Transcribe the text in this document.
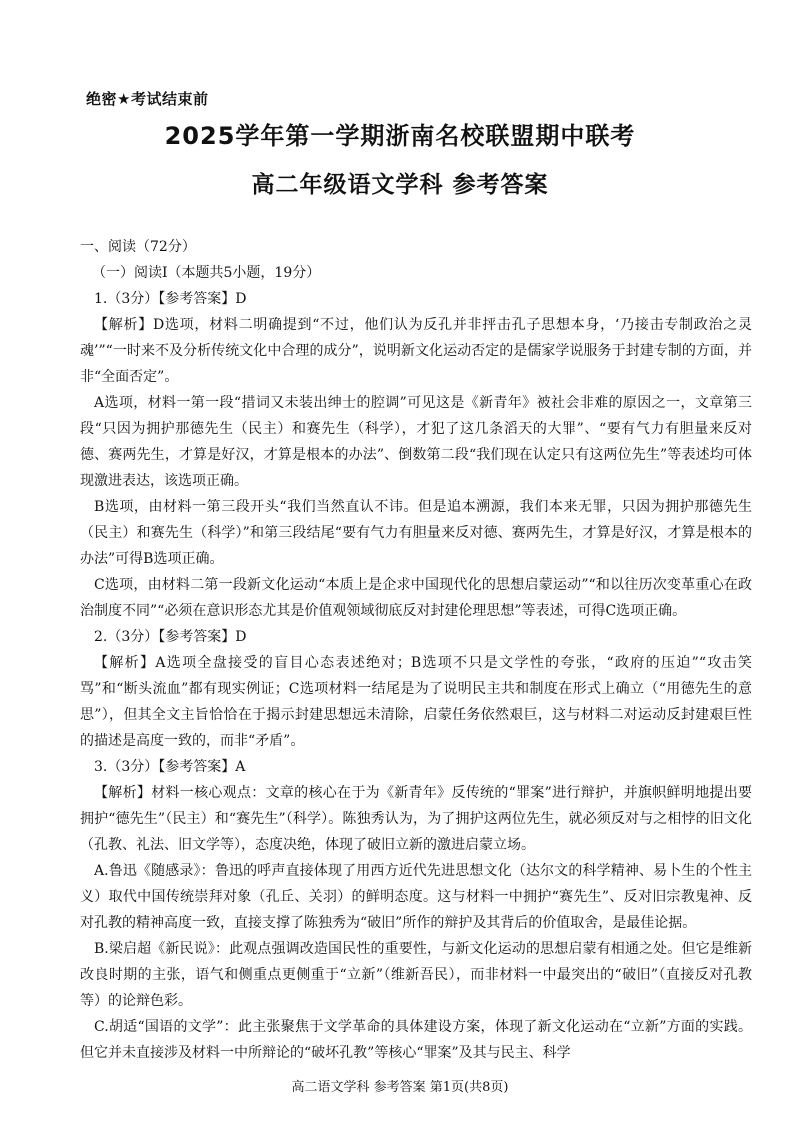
绝密★考试结束前
2025学年第一学期浙南名校联盟期中联考
高二年级语文学科 参考答案

一、阅读（72分）

（一）阅读Ⅰ（本题共5小题，19分）

1.（3分）【参考答案】D

【解析】D选项，材料二明确提到“不过，他们认为反孔并非抨击孔子思想本身，‘乃接击专制政治之灵魂’”“一时来不及分析传统文化中合理的成分”，说明新文化运动否定的是儒家学说服务于封建专制的方面，并非“全面否定”。

A选项，材料一第一段“措词又未装出绅士的腔调”可见这是《新青年》被社会非难的原因之一，文章第三段“只因为拥护那德先生（民主）和赛先生（科学），才犯了这几条滔天的大罪”、“要有气力有胆量来反对德、赛两先生，才算是好汉，才算是根本的办法”、倒数第二段“我们现在认定只有这两位先生”等表述均可体现激进表达，该选项正确。

B选项，由材料一第三段开头“我们当然直认不讳。但是追本溯源，我们本来无罪，只因为拥护那德先生（民主）和赛先生（科学）”和第三段结尾“要有气力有胆量来反对德、赛两先生，才算是好汉，才算是根本的办法”可得B选项正确。

C选项，由材料二第一段新文化运动“本质上是企求中国现代化的思想启蒙运动”“和以往历次变革重心在政治制度不同”“必须在意识形态尤其是价值观领域彻底反对封建伦理思想”等表述，可得C选项正确。

2.（3分）【参考答案】D

【解析】A选项全盘接受的盲目心态表述绝对；B选项不只是文学性的夸张，“政府的压迫”“攻击笑骂”和“断头流血”都有现实例证；C选项材料一结尾是为了说明民主共和制度在形式上确立（“用德先生的意思”），但其全文主旨恰恰在于揭示封建思想远未清除，启蒙任务依然艰巨，这与材料二对运动反封建艰巨性的描述是高度一致的，而非“矛盾”。

3.（3分）【参考答案】A

【解析】材料一核心观点：文章的核心在于为《新青年》反传统的“罪案”进行辩护，并旗帜鲜明地提出要拥护“德先生”（民主）和“赛先生”（科学）。陈独秀认为，为了拥护这两位先生，就必须反对与之相悖的旧文化（孔教、礼法、旧文学等），态度决绝，体现了破旧立新的激进启蒙立场。

A.鲁迅《随感录》：鲁迅的呼声直接体现了用西方近代先进思想文化（达尔文的科学精神、易卜生的个性主义）取代中国传统崇拜对象（孔丘、关羽）的鲜明态度。这与材料一中拥护“赛先生”、反对旧宗教鬼神、反对孔教的精神高度一致，直接支撑了陈独秀为“破旧”所作的辩护及其背后的价值取舍，是最佳论据。

B.梁启超《新民说》：此观点强调改造国民性的重要性，与新文化运动的思想启蒙有相通之处。但它是维新改良时期的主张，语气和侧重点更侧重于“立新”（维新吾民），而非材料一中最突出的“破旧”（直接反对孔教等）的论辩色彩。

C.胡适“国语的文学”：此主张聚焦于文学革命的具体建设方案，体现了新文化运动在“立新”方面的实践。但它并未直接涉及材料一中所辩论的“破坏孔教”等核心“罪案”及其与民主、科学

高二语文学科 参考答案 第1页(共8页)
